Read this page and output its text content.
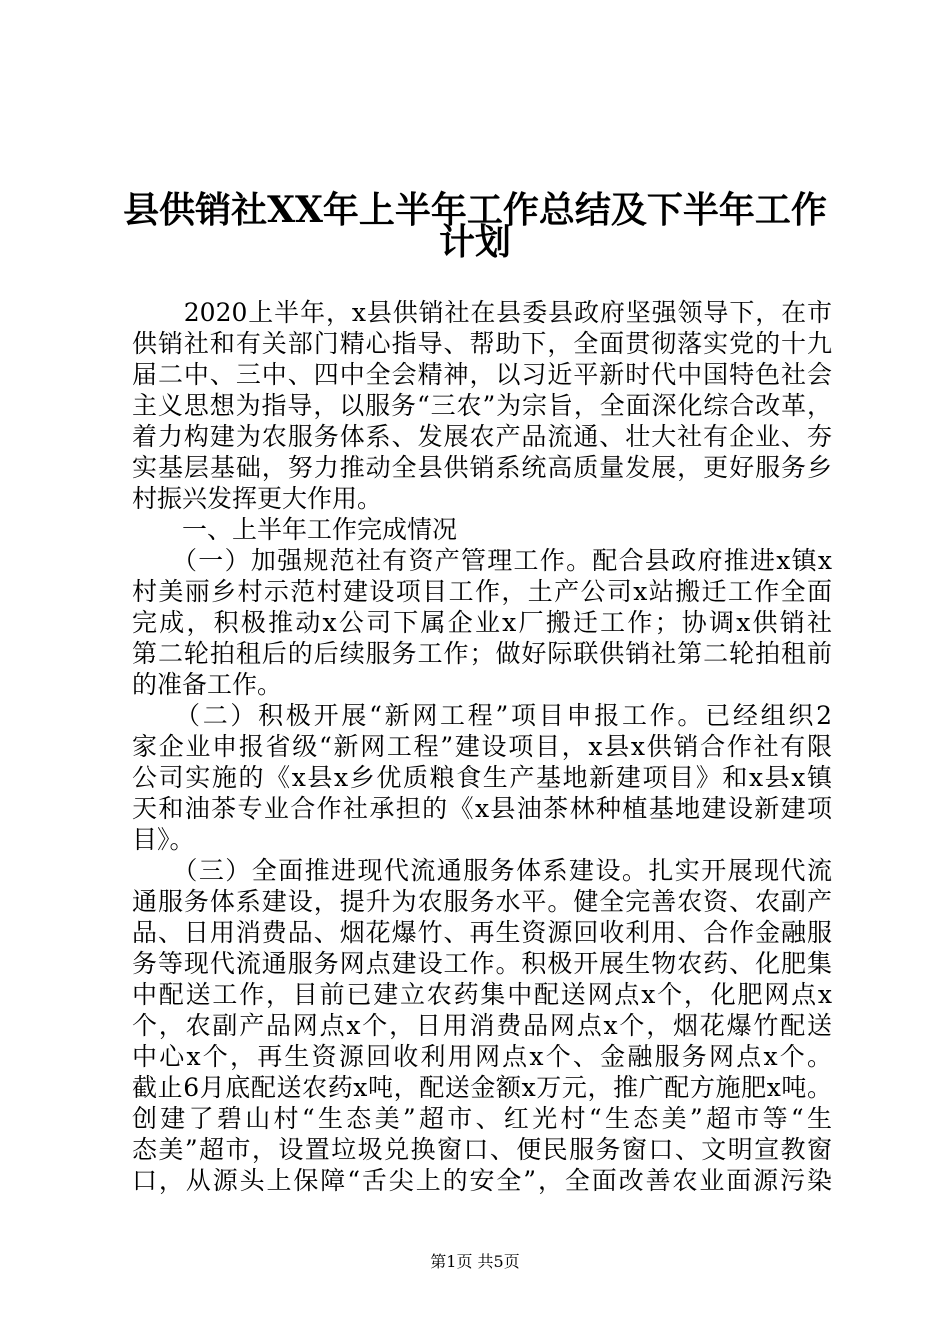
县供销社XX年上半年工作总结及下半年工作
计划
　　2020上半年，x县供销社在县委县政府坚强领导下，在市
供销社和有关部门精心指导、帮助下，全面贯彻落实党的十九
届二中、三中、四中全会精神，以习近平新时代中国特色社会
主义思想为指导，以服务“三农”为宗旨，全面深化综合改革，
着力构建为农服务体系、发展农产品流通、壮大社有企业、夯
实基层基础，努力推动全县供销系统高质量发展，更好服务乡
村振兴发挥更大作用。
　　一、上半年工作完成情况
　　（一）加强规范社有资产管理工作。配合县政府推进x镇x
村美丽乡村示范村建设项目工作，土产公司x站搬迁工作全面
完成，积极推动x公司下属企业x厂搬迁工作；协调x供销社
第二轮拍租后的后续服务工作；做好际联供销社第二轮拍租前
的准备工作。
　　（二）积极开展“新网工程”项目申报工作。已经组织2
家企业申报省级“新网工程”建设项目，x县x供销合作社有限
公司实施的《x县x乡优质粮食生产基地新建项目》和x县x镇
天和油茶专业合作社承担的《x县油茶林种植基地建设新建项
目》。
　　（三）全面推进现代流通服务体系建设。扎实开展现代流
通服务体系建设，提升为农服务水平。健全完善农资、农副产
品、日用消费品、烟花爆竹、再生资源回收利用、合作金融服
务等现代流通服务网点建设工作。积极开展生物农药、化肥集
中配送工作，目前已建立农药集中配送网点x个，化肥网点x
个，农副产品网点x个，日用消费品网点x个，烟花爆竹配送
中心x个，再生资源回收利用网点x个、金融服务网点x个。
截止6月底配送农药x吨，配送金额x万元，推广配方施肥x吨。
创建了碧山村“生态美”超市、红光村“生态美”超市等“生
态美”超市，设置垃圾兑换窗口、便民服务窗口、文明宣教窗
口，从源头上保障“舌尖上的安全”，全面改善农业面源污染
第1页 共5页
